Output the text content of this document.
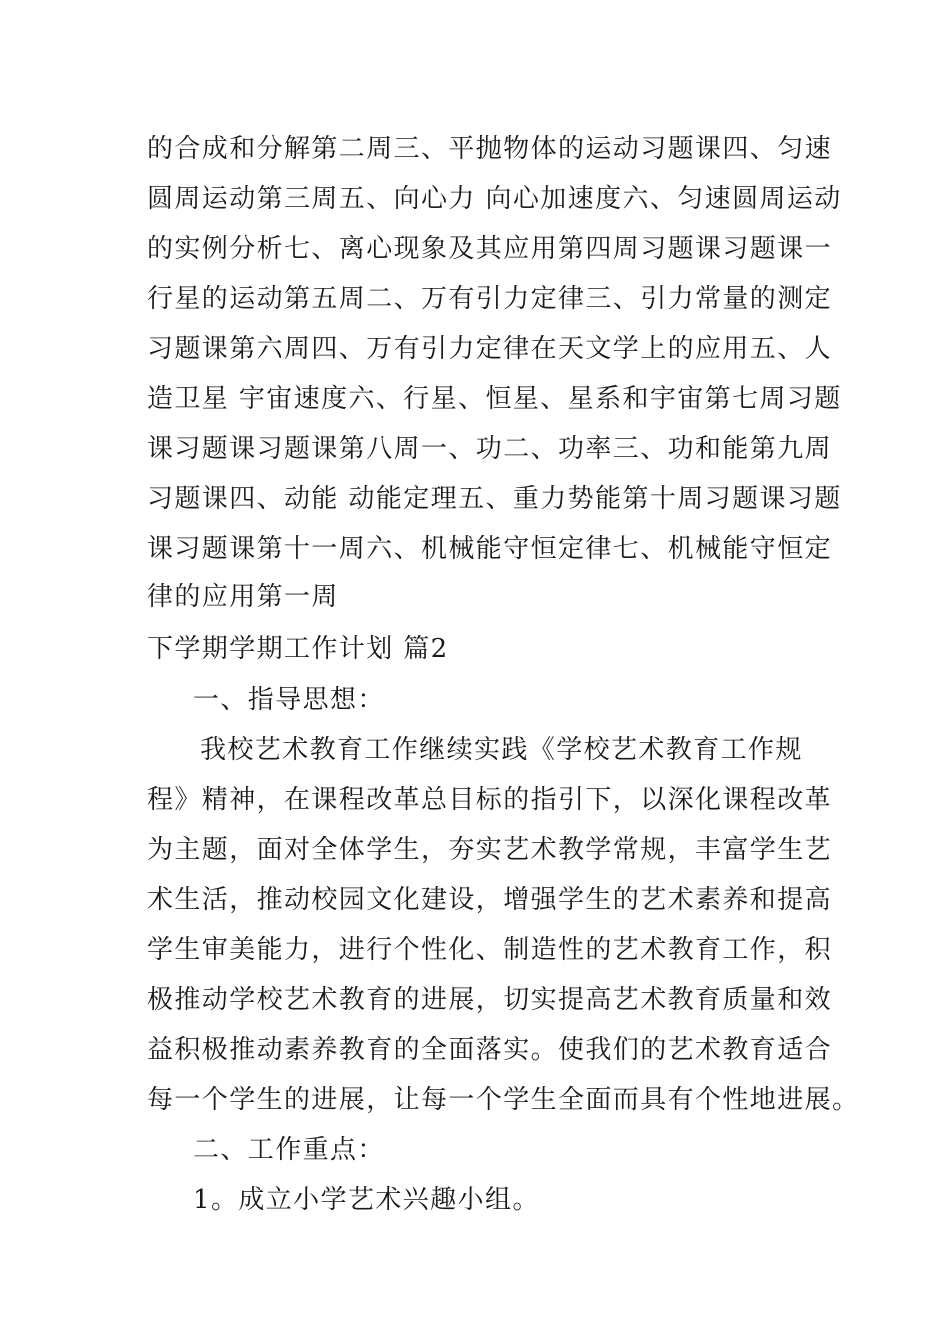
的合成和分解第二周三、平抛物体的运动习题课四、匀速
圆周运动第三周五、向心力 向心加速度六、匀速圆周运动
的实例分析七、离心现象及其应用第四周习题课习题课一
行星的运动第五周二、万有引力定律三、引力常量的测定
习题课第六周四、万有引力定律在天文学上的应用五、人
造卫星 宇宙速度六、行星、恒星、星系和宇宙第七周习题
课习题课习题课第八周一、功二、功率三、功和能第九周
习题课四、动能 动能定理五、重力势能第十周习题课习题
课习题课第十一周六、机械能守恒定律七、机械能守恒定
律的应用第一周
下学期学期工作计划 篇2
一、指导思想：
我校艺术教育工作继续实践《学校艺术教育工作规
程》精神，在课程改革总目标的指引下，以深化课程改革
为主题，面对全体学生，夯实艺术教学常规，丰富学生艺
术生活，推动校园文化建设，增强学生的艺术素养和提高
学生审美能力，进行个性化、制造性的艺术教育工作，积
极推动学校艺术教育的进展，切实提高艺术教育质量和效
益积极推动素养教育的全面落实。使我们的艺术教育适合
每一个学生的进展，让每一个学生全面而具有个性地进展。
二、工作重点：
1。成立小学艺术兴趣小组。
